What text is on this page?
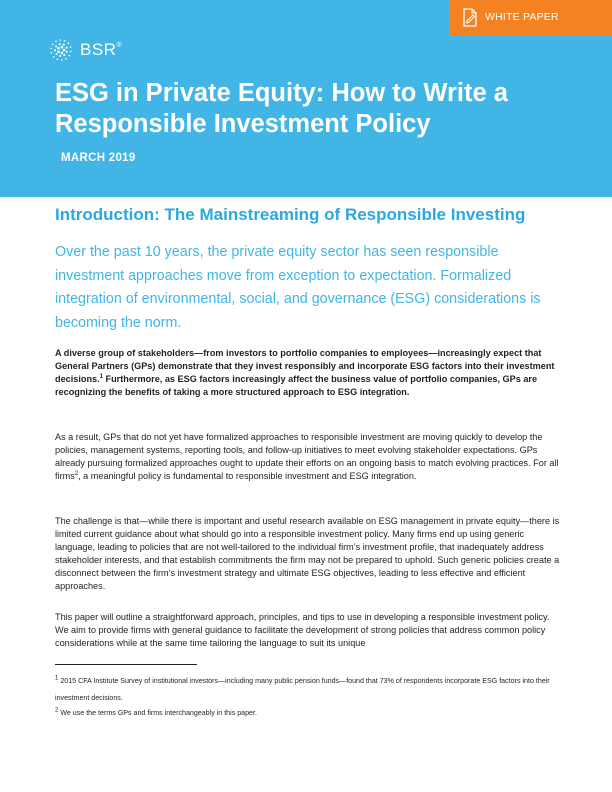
WHITE PAPER
BSR®
ESG in Private Equity: How to Write a Responsible Investment Policy

MARCH 2019

Introduction: The Mainstreaming of Responsible Investing

Over the past 10 years, the private equity sector has seen responsible investment approaches move from exception to expectation. Formalized integration of environmental, social, and governance (ESG) considerations is becoming the norm.

A diverse group of stakeholders—from investors to portfolio companies to employees—increasingly expect that General Partners (GPs) demonstrate that they invest responsibly and incorporate ESG factors into their investment decisions.$^1$ Furthermore, as ESG factors increasingly affect the business value of portfolio companies, GPs are recognizing the benefits of taking a more structured approach to ESG integration.

As a result, GPs that do not yet have formalized approaches to responsible investment are moving quickly to develop the policies, management systems, reporting tools, and follow-up initiatives to meet evolving stakeholder expectations. GPs already pursuing formalized approaches ought to update their efforts on an ongoing basis to match evolving practices. For all firms$^2$, a meaningful policy is fundamental to responsible investment and ESG integration.

The challenge is that—while there is important and useful research available on ESG management in private equity—there is limited current guidance about what should go into a responsible investment policy. Many firms end up using generic language, leading to policies that are not well-tailored to the individual firm’s investment profile, that inadequately address stakeholder interests, and that establish commitments the firm may not be prepared to uphold. Such generic policies create a disconnect between the firm’s investment strategy and ultimate ESG objectives, leading to less effective and efficient approaches.

This paper will outline a straightforward approach, principles, and tips to use in developing a responsible investment policy. We aim to provide firms with general guidance to facilitate the development of strong policies that address common policy considerations while at the same time tailoring the language to suit its unique

$^1$ 2015 CFA Institute Survey of institutional investors—including many public pension funds—found that 73% of respondents incorporate ESG factors into their investment decisions.

$^2$ We use the terms GPs and firms interchangeably in this paper.
